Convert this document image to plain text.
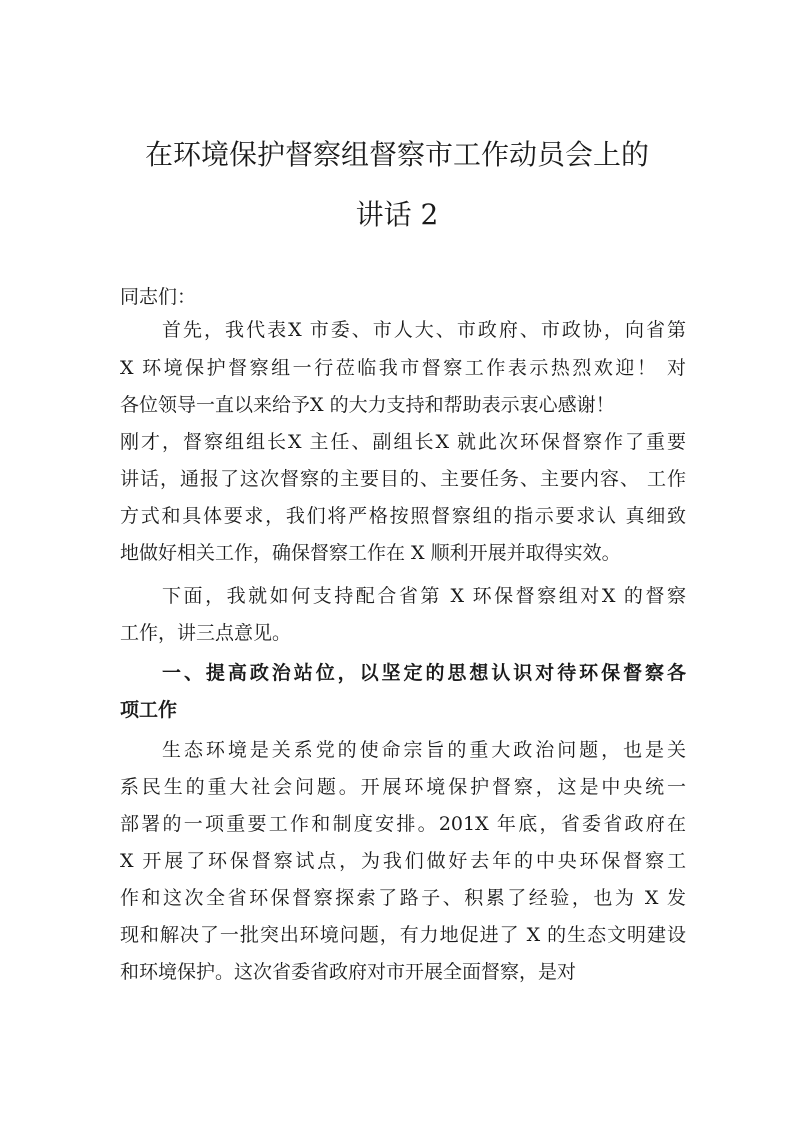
在环境保护督察组督察市工作动员会上的
讲话 2
同志们：
首先，我代表X 市委、市人大、市政府、市政协，向省第
X 环境保护督察组一行莅临我市督察工作表示热烈欢迎！ 对
各位领导一直以来给予X 的大力支持和帮助表示衷心感谢！
刚才，督察组组长X 主任、副组长X 就此次环保督察作了重要
讲话，通报了这次督察的主要目的、主要任务、主要内容、 工作
方式和具体要求，我们将严格按照督察组的指示要求认 真细致
地做好相关工作，确保督察工作在 X 顺利开展并取得实效。
下面，我就如何支持配合省第 X 环保督察组对X 的督察
工作，讲三点意见。
一、提高政治站位，以坚定的思想认识对待环保督察各
项工作
生态环境是关系党的使命宗旨的重大政治问题，也是关
系民生的重大社会问题。开展环境保护督察，这是中央统一
部署的一项重要工作和制度安排。201X 年底，省委省政府在
X 开展了环保督察试点，为我们做好去年的中央环保督察工
作和这次全省环保督察探索了路子、积累了经验，也为 X 发
现和解决了一批突出环境问题，有力地促进了 X 的生态文明建设
和环境保护。这次省委省政府对市开展全面督察，是对
